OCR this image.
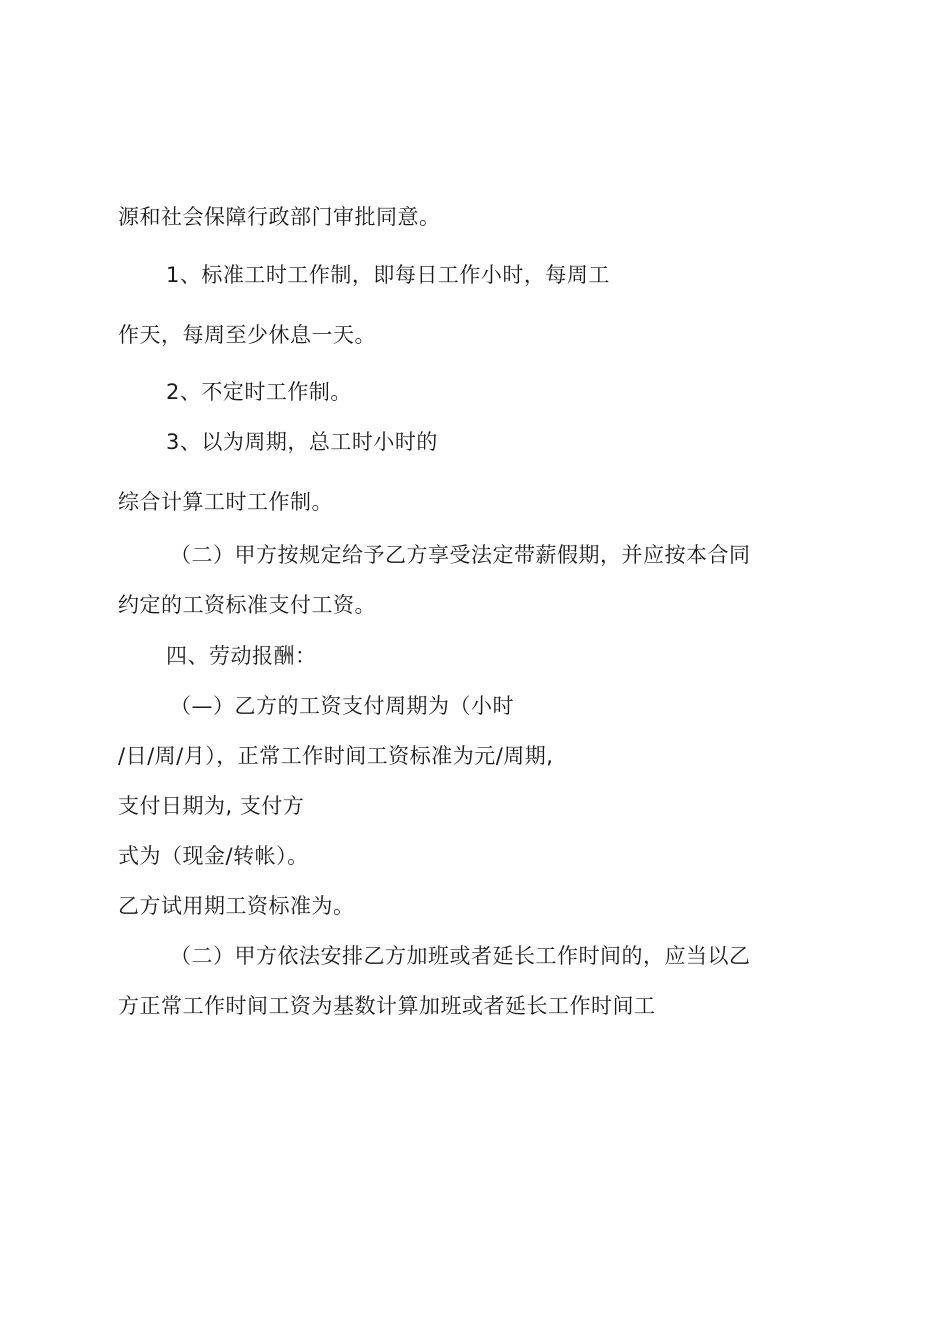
源和社会保障行政部门审批同意。
1、标准工时工作制，即每日工作小时，每周工
作天，每周至少休息一天。
2、不定时工作制。
3、以为周期，总工时小时的
综合计算工时工作制。
（二）甲方按规定给予乙方享受法定带薪假期，并应按本合同
约定的工资标准支付工资。
四、劳动报酬：
（—）乙方的工资支付周期为（小时
/日/周/月），正常工作时间工资标准为元/周期,
支付日期为, 支付方
式为（现金/转帐）。
乙方试用期工资标准为。
（二）甲方依法安排乙方加班或者延长工作时间的，应当以乙
方正常工作时间工资为基数计算加班或者延长工作时间工
